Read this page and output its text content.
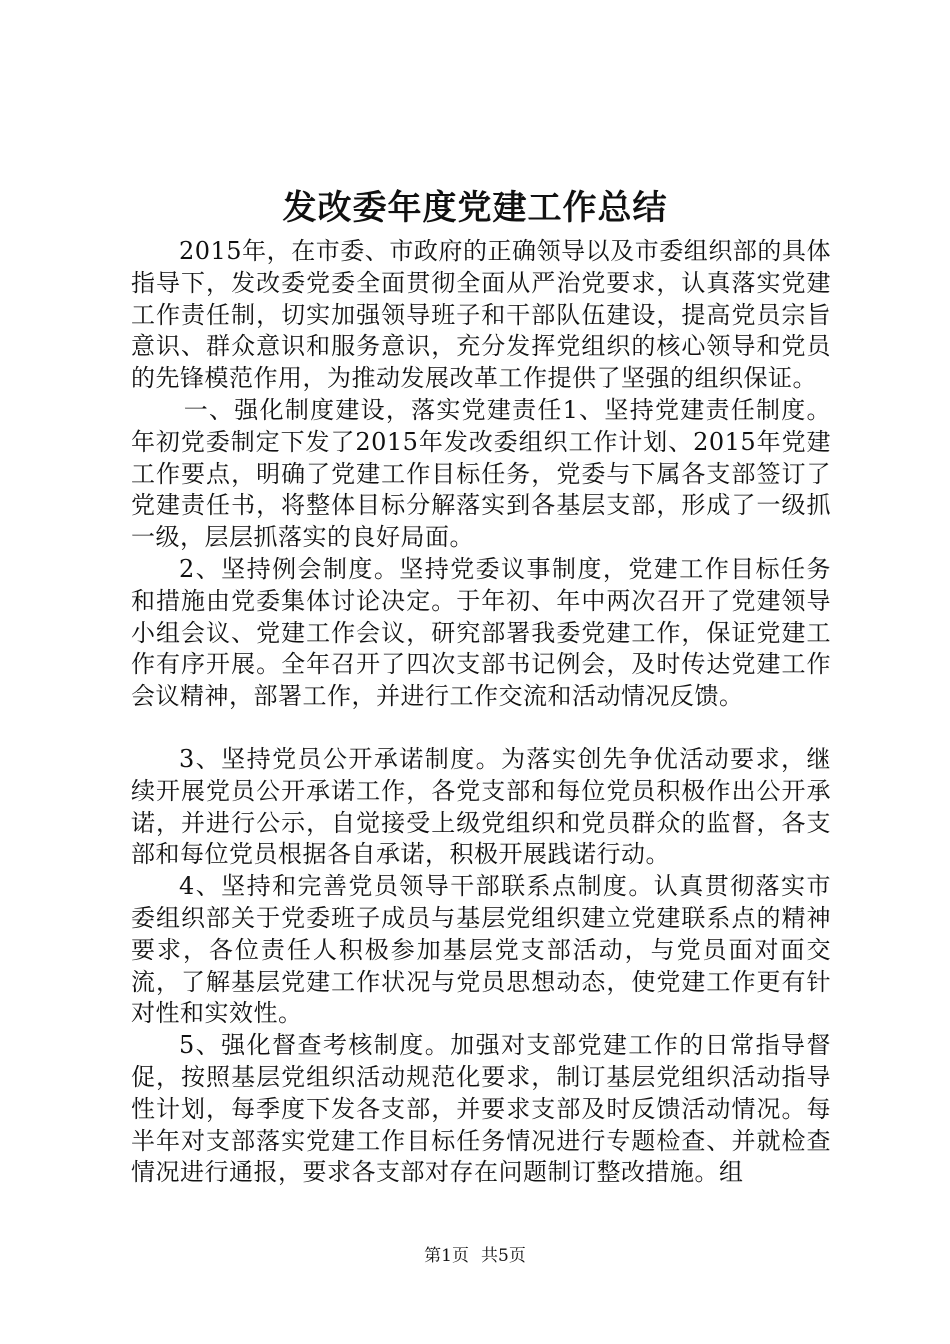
发改委年度党建工作总结

2015年，在市委、市政府的正确领导以及市委组织部的具体指导下，发改委党委全面贯彻全面从严治党要求，认真落实党建工作责任制，切实加强领导班子和干部队伍建设，提高党员宗旨意识、群众意识和服务意识，充分发挥党组织的核心领导和党员的先锋模范作用，为推动发展改革工作提供了坚强的组织保证。

一、强化制度建设，落实党建责任1、坚持党建责任制度。年初党委制定下发了2015年发改委组织工作计划、2015年党建工作要点，明确了党建工作目标任务，党委与下属各支部签订了党建责任书，将整体目标分解落实到各基层支部，形成了一级抓一级，层层抓落实的良好局面。

2、坚持例会制度。坚持党委议事制度，党建工作目标任务和措施由党委集体讨论决定。于年初、年中两次召开了党建领导小组会议、党建工作会议，研究部署我委党建工作，保证党建工作有序开展。全年召开了四次支部书记例会，及时传达党建工作会议精神，部署工作，并进行工作交流和活动情况反馈。

3、坚持党员公开承诺制度。为落实创先争优活动要求，继续开展党员公开承诺工作，各党支部和每位党员积极作出公开承诺，并进行公示，自觉接受上级党组织和党员群众的监督，各支部和每位党员根据各自承诺，积极开展践诺行动。

4、坚持和完善党员领导干部联系点制度。认真贯彻落实市委组织部关于党委班子成员与基层党组织建立党建联系点的精神要求，各位责任人积极参加基层党支部活动，与党员面对面交流，了解基层党建工作状况与党员思想动态，使党建工作更有针对性和实效性。

5、强化督查考核制度。加强对支部党建工作的日常指导督促，按照基层党组织活动规范化要求，制订基层党组织活动指导性计划，每季度下发各支部，并要求支部及时反馈活动情况。每半年对支部落实党建工作目标任务情况进行专题检查、并就检查情况进行通报，要求各支部对存在问题制订整改措施。组

第1页 共5页
